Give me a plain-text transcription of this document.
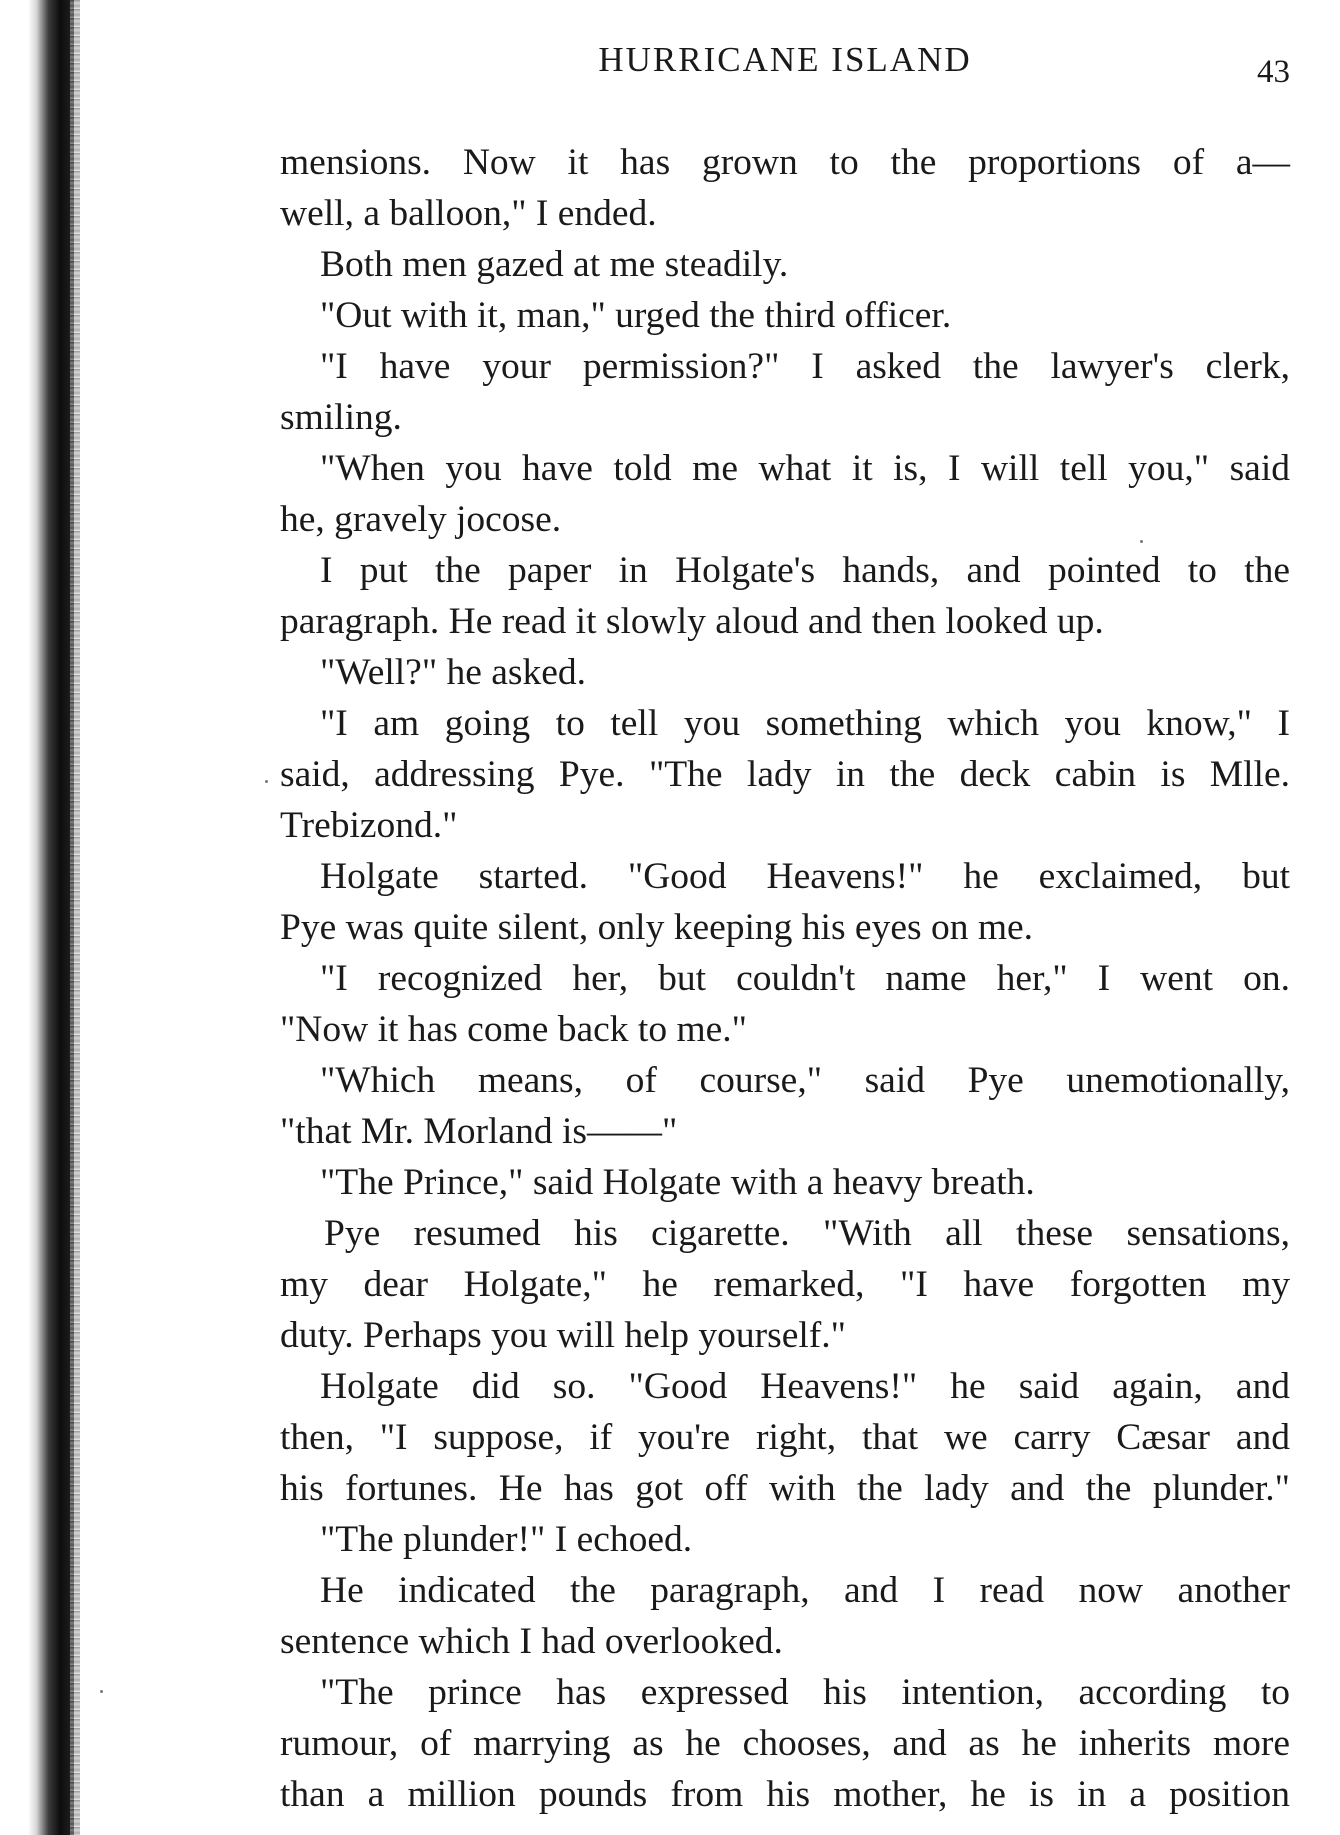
HURRICANE ISLAND	43
mensions. Now it has grown to the proportions of a—
well, a balloon," I ended.
Both men gazed at me steadily.
"Out with it, man," urged the third officer.
"I have your permission?" I asked the lawyer's clerk,
smiling.
"When you have told me what it is, I will tell you," said
he, gravely jocose.
I put the paper in Holgate's hands, and pointed to the
paragraph. He read it slowly aloud and then looked up.
"Well?" he asked.
"I am going to tell you something which you know," I
said, addressing Pye. "The lady in the deck cabin is Mlle.
Trebizond."
Holgate started. "Good Heavens!" he exclaimed, but
Pye was quite silent, only keeping his eyes on me.
"I recognized her, but couldn't name her," I went on.
"Now it has come back to me."
"Which means, of course," said Pye unemotionally,
"that Mr. Morland is——"
"The Prince," said Holgate with a heavy breath.
Pye resumed his cigarette. "With all these sensations,
my dear Holgate," he remarked, "I have forgotten my
duty. Perhaps you will help yourself."
Holgate did so. "Good Heavens!" he said again, and
then, "I suppose, if you're right, that we carry Cæsar and
his fortunes. He has got off with the lady and the plunder."
"The plunder!" I echoed.
He indicated the paragraph, and I read now another
sentence which I had overlooked.
"The prince has expressed his intention, according to
rumour, of marrying as he chooses, and as he inherits more
than a million pounds from his mother, he is in a position
